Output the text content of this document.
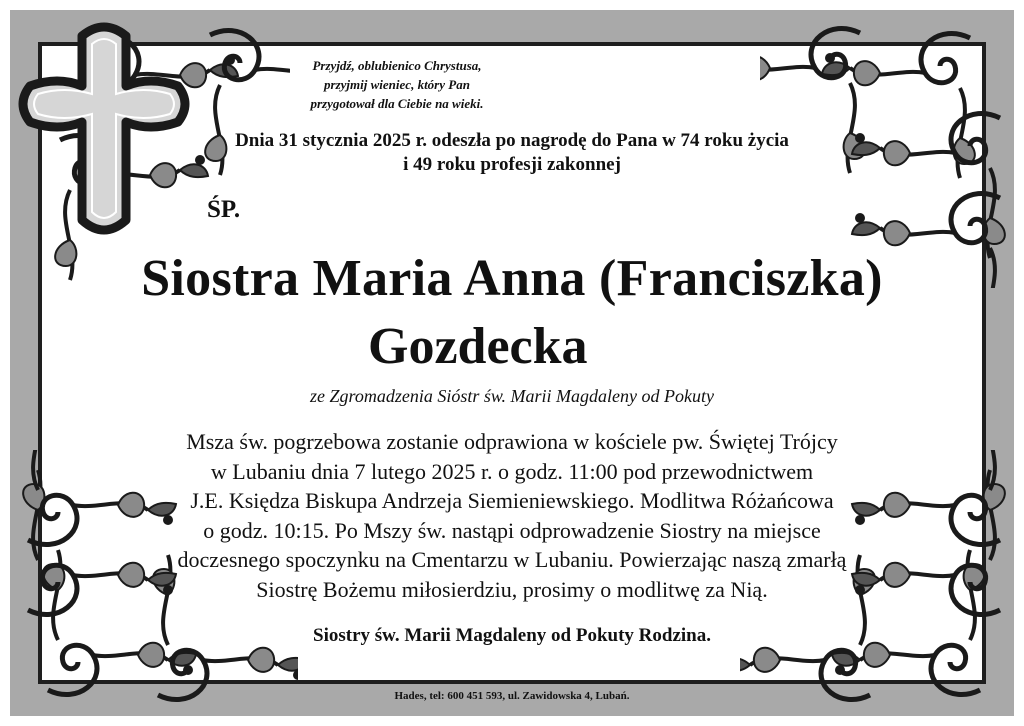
Przyjdź, oblubienico Chrystusa,
przyjmij wieniec, który Pan
przygotował dla Ciebie na wieki.
Dnia 31 stycznia 2025 r. odeszła po nagrodę do Pana w 74 roku życia
i 49 roku profesji zakonnej
ŚP.
Siostra Maria Anna (Franciszka)
Gozdecka
ze Zgromadzenia Sióstr św. Marii Magdaleny od Pokuty
Msza św. pogrzebowa zostanie odprawiona w kościele pw. Świętej Trójcy
w Lubaniu dnia 7 lutego 2025 r. o godz. 11:00 pod przewodnictwem
J.E. Księdza Biskupa Andrzeja Siemieniewskiego. Modlitwa Różańcowa
o godz. 10:15. Po Mszy św. nastąpi odprowadzenie Siostry na miejsce
doczesnego spoczynku na Cmentarzu w Lubaniu. Powierzając naszą zmarłą
Siostrę Bożemu miłosierdziu, prosimy o modlitwę za Nią.
Siostry św. Marii Magdaleny od Pokuty Rodzina.
Hades, tel: 600 451 593, ul. Zawidowska 4, Lubań.
